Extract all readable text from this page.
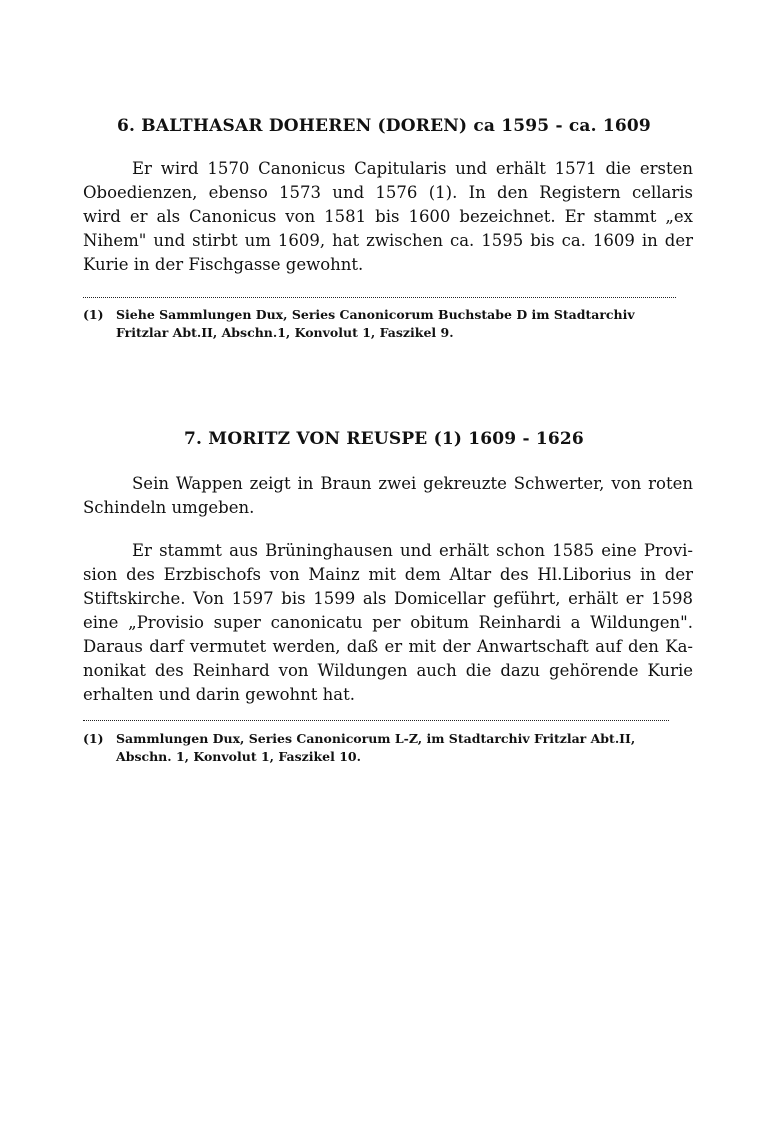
6. BALTHASAR DOHEREN (DOREN) ca 1595 - ca. 1609
Er wird 1570 Canonicus Capitularis und erhält 1571 die ersten
Oboedienzen, ebenso 1573 und 1576 (1). In den Registern cellaris
wird er als Canonicus von 1581 bis 1600 bezeichnet. Er stammt „ex
Nihem" und stirbt um 1609, hat zwischen ca. 1595 bis ca. 1609 in der
Kurie in der Fischgasse gewohnt.
(1) Siehe Sammlungen Dux, Series Canonicorum Buchstabe D im Stadtarchiv
Fritzlar Abt.II, Abschn.1, Konvolut 1, Faszikel 9.
7. MORITZ VON REUSPE (1) 1609 - 1626
Sein Wappen zeigt in Braun zwei gekreuzte Schwerter, von roten
Schindeln umgeben.
Er stammt aus Brüninghausen und erhält schon 1585 eine Provi-
sion des Erzbischofs von Mainz mit dem Altar des Hl.Liborius in der
Stiftskirche. Von 1597 bis 1599 als Domicellar geführt, erhält er 1598
eine „Provisio super canonicatu per obitum Reinhardi a Wildungen".
Daraus darf vermutet werden, daß er mit der Anwartschaft auf den Ka-
nonikat des Reinhard von Wildungen auch die dazu gehörende Kurie
erhalten und darin gewohnt hat.
(1) Sammlungen Dux, Series Canonicorum L-Z, im Stadtarchiv Fritzlar Abt.II,
Abschn. 1, Konvolut 1, Faszikel 10.
